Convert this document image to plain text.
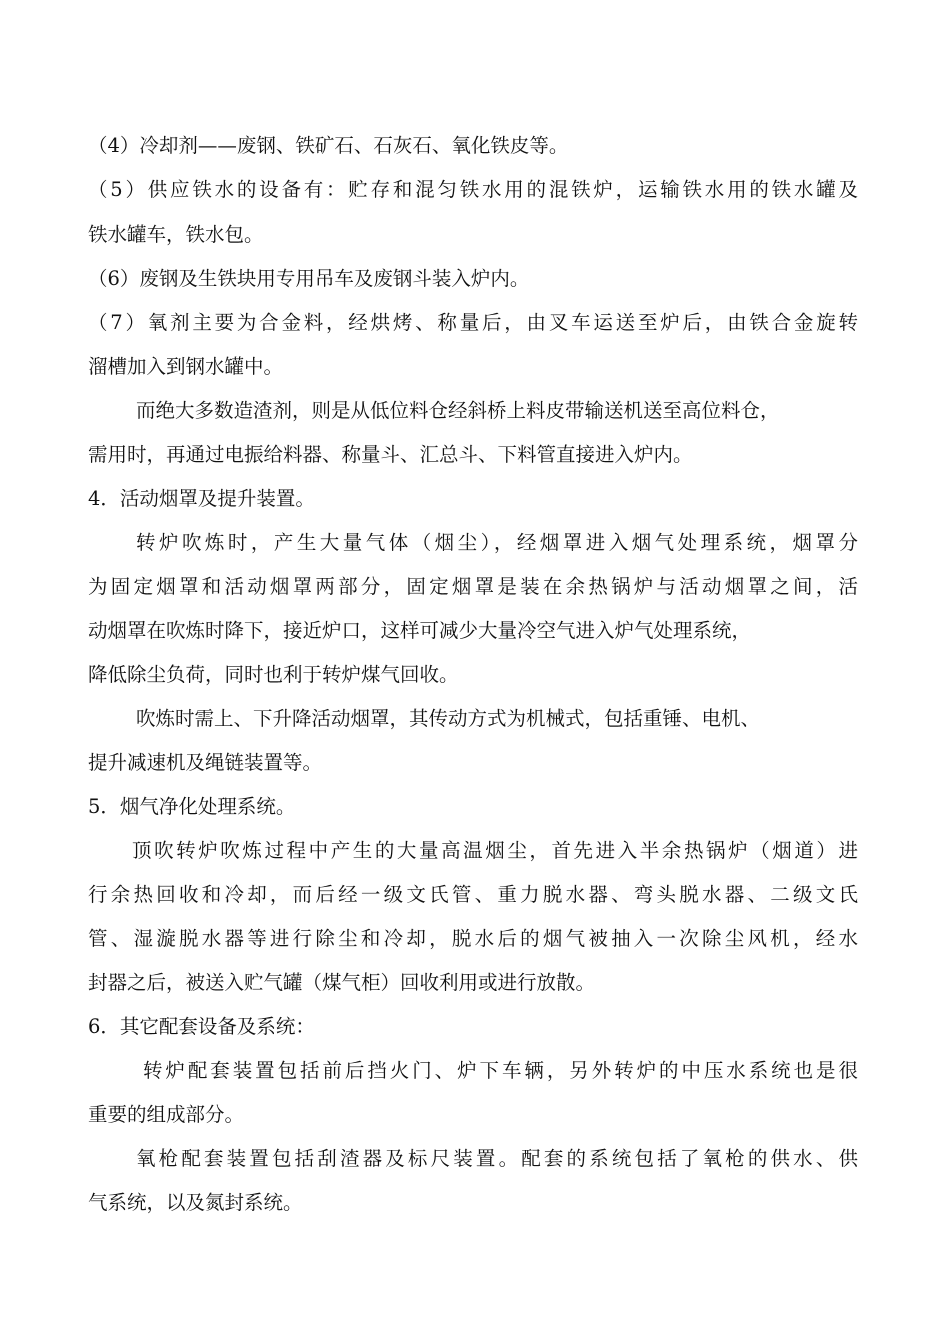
（4）冷却剂——废钢、铁矿石、石灰石、氧化铁皮等。
（5）供应铁水的设备有：贮存和混匀铁水用的混铁炉，运输铁水用的铁水罐及
铁水罐车，铁水包。
（6）废钢及生铁块用专用吊车及废钢斗装入炉内。
（7）氧剂主要为合金料，经烘烤、称量后，由叉车运送至炉后，由铁合金旋转
溜槽加入到钢水罐中。
而绝大多数造渣剂，则是从低位料仓经斜桥上料皮带输送机送至高位料仓，
需用时，再通过电振给料器、称量斗、汇总斗、下料管直接进入炉内。
4．活动烟罩及提升装置。
转炉吹炼时，产生大量气体（烟尘），经烟罩进入烟气处理系统，烟罩分
为固定烟罩和活动烟罩两部分，固定烟罩是装在余热锅炉与活动烟罩之间，活
动烟罩在吹炼时降下，接近炉口，这样可减少大量冷空气进入炉气处理系统，
降低除尘负荷，同时也利于转炉煤气回收。
吹炼时需上、下升降活动烟罩，其传动方式为机械式，包括重锤、电机、
提升减速机及绳链装置等。
5．烟气净化处理系统。
顶吹转炉吹炼过程中产生的大量高温烟尘，首先进入半余热锅炉（烟道）进
行余热回收和冷却，而后经一级文氏管、重力脱水器、弯头脱水器、二级文氏
管、湿漩脱水器等进行除尘和冷却，脱水后的烟气被抽入一次除尘风机，经水
封器之后，被送入贮气罐（煤气柜）回收利用或进行放散。
6．其它配套设备及系统：
转炉配套装置包括前后挡火门、炉下车辆，另外转炉的中压水系统也是很
重要的组成部分。
氧枪配套装置包括刮渣器及标尺装置。配套的系统包括了氧枪的供水、供
气系统，以及氮封系统。
